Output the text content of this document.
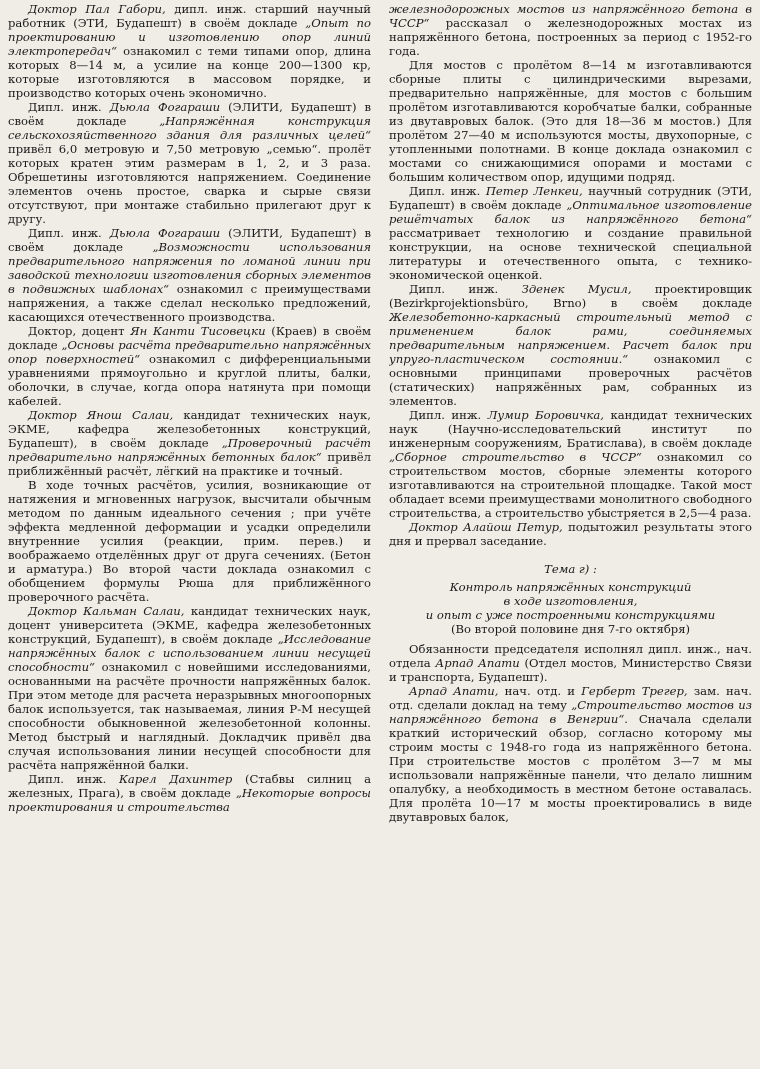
Доктор Пал Габори, дипл. инж. старший научный работник (ЭТИ, Будапешт) в своём докладе „Опыт по проектированию и изготовлению опор линий электропередач“ ознакомил с теми типами опор, длина которых 8—14 м, а усилие на конце 200—1300 кр, которые изготовляются в массовом порядке, и производство которых очень экономично.

Дипл. инж. Дьюла Фогараши (ЭЛИТИ, Будапешт) в своём докладе „Напряжённая конструкция сельскохозяйственного здания для различных целей“ привёл 6,0 метровую и 7,50 метровую „семью“. пролёт которых кратен этим размерам в 1, 2, и 3 раза. Обрешетины изготовляются напряжением. Соединение элементов очень простое, сварка и сырые связи отсутствуют, при монтаже стабильно прилегают друг к другу.

Дипл. инж. Дьюла Фогараши (ЭЛИТИ, Будапешт) в своём докладе „Возможности использования предварительного напряжения по ломаной линии при заводской технологии изготовления сборных элементов в подвижных шаблонах“ ознакомил с преимуществами напряжения, а также сделал несколько предложений, касающихся отечественного производства.

Доктор, доцент Ян Канти Тисовецки (Краев) в своём докладе „Основы расчёта предварительно напряжённых опор поверхностей“ ознакомил с дифференциальными уравнениями прямоугольно и круглой плиты, балки, оболочки, в случае, когда опора натянута при помощи кабелей.

Доктор Янош Салаи, кандидат технических наук, ЭКМЕ, кафедра железобетонных конструкций, Будапешт), в своём докладе „Проверочный расчёт предварительно напряжённых бетонных балок“ привёл приближённый расчёт, лёгкий на практике и точный.

В ходе точных расчётов, усилия, возникающие от натяжения и мгновенных нагрузок, высчитали обычным методом по данным идеального сечения ; при учёте эффекта медленной деформации и усадки определили внутренние усилия (реакции, прим. перев.) и воображаемо отделённых друг от друга сечениях. (Бетон и арматура.) Во второй части доклада ознакомил с обобщением формулы Рюша для приближённого проверочного расчёта.

Доктор Кальман Салаи, кандидат технических наук, доцент университета (ЭКМЕ, кафедра железобетонных конструкций, Будапешт), в своём докладе „Исследование напряжённых балок с использованием линии несущей способности“ ознакомил с новейшими исследованиями, основанными на расчёте прочности напряжённых балок. При этом методе для расчета неразрывных многоопорных балок используется, так называемая, линия Р-М несущей способности обыкновенной железобетонной колонны. Метод быстрый и наглядный. Докладчик привёл два случая использования линии несущей способности для расчёта напряжённой балки.

Дипл. инж. Карел Дахинтер (Стабвы силниц а железных, Прага), в своём докладе „Некоторые вопросы проектирования и строительства

железнодорожных мостов из напряжённого бетона в ЧССР“ рассказал о железнодорожных мостах из напряжённого бетона, построенных за период с 1952-го года.

Для мостов с пролётом 8—14 м изготавливаются сборные плиты с цилиндрическими вырезами, предварительно напряжённые, для мостов с большим пролётом изготавливаются коробчатые балки, собранные из двутавровых балок. (Это для 18—36 м мостов.) Для пролётом 27—40 м используются мосты, двухопорные, с утопленными полотнами. В конце доклада ознакомил с мостами со снижающимися опорами и мостами с большим количеством опор, идущими подряд.

Дипл. инж. Петер Ленкеи, научный сотрудник (ЭТИ, Будапешт) в своём докладе „Оптимальное изготовление решётчатых балок из напряжённого бетона“ рассматривает технологию и создание правильной конструкции, на основе технической специальной литературы и отечественного опыта, с технико-экономической оценкой.

Дипл. инж. Зденек Мусил, проектировщик (Bezirkprojektionsbüro, Brno) в своём докладе Железобетонно-каркасный строительный метод с применением балок рами, соединяемых предварительным напряжением. Расчет балок при упруго-пластическом состоянии.“ ознакомил с основными принципами проверочных расчётов (статических) напряжённых рам, собранных из элементов.

Дипл. инж. Лумир Боровичка, кандидат технических наук (Научно-исследовательский институт по инженерным сооружениям, Братислава), в своём докладе „Сборное строительство в ЧССР“ ознакомил со строительством мостов, сборные элементы которого изготавливаются на строительной площадке. Такой мост обладает всеми преимуществами монолитного свободного строительства, а строительство убыстряется в 2,5—4 раза.

Доктор Алайош Петур, подытожил результаты этого дня и прервал заседание.

Тема г) :

Контроль напряжённых конструкций

в ходе изготовления,

и опыт с уже построенными конструкциями

(Во второй половине дня 7-го октября)

Обязанности председателя исполнял дипл. инж., нач. отдела Арпад Апати (Отдел мостов, Министерство Связи и транспорта, Будапешт).

Арпад Апати, нач. отд. и Герберт Трегер, зам. нач. отд. сделали доклад на тему „Строительство мостов из напряжённого бетона в Венгрии“. Сначала сделали краткий исторический обзор, согласно которому мы строим мосты с 1948-го года из напряжённого бетона. При строительстве мостов с пролётом 3—7 м мы использовали напряжённые панели, что делало лишним опалубку, а необходимость в местном бетоне оставалась. Для пролёта 10—17 м мосты проектировались в виде двутавровых балок,
